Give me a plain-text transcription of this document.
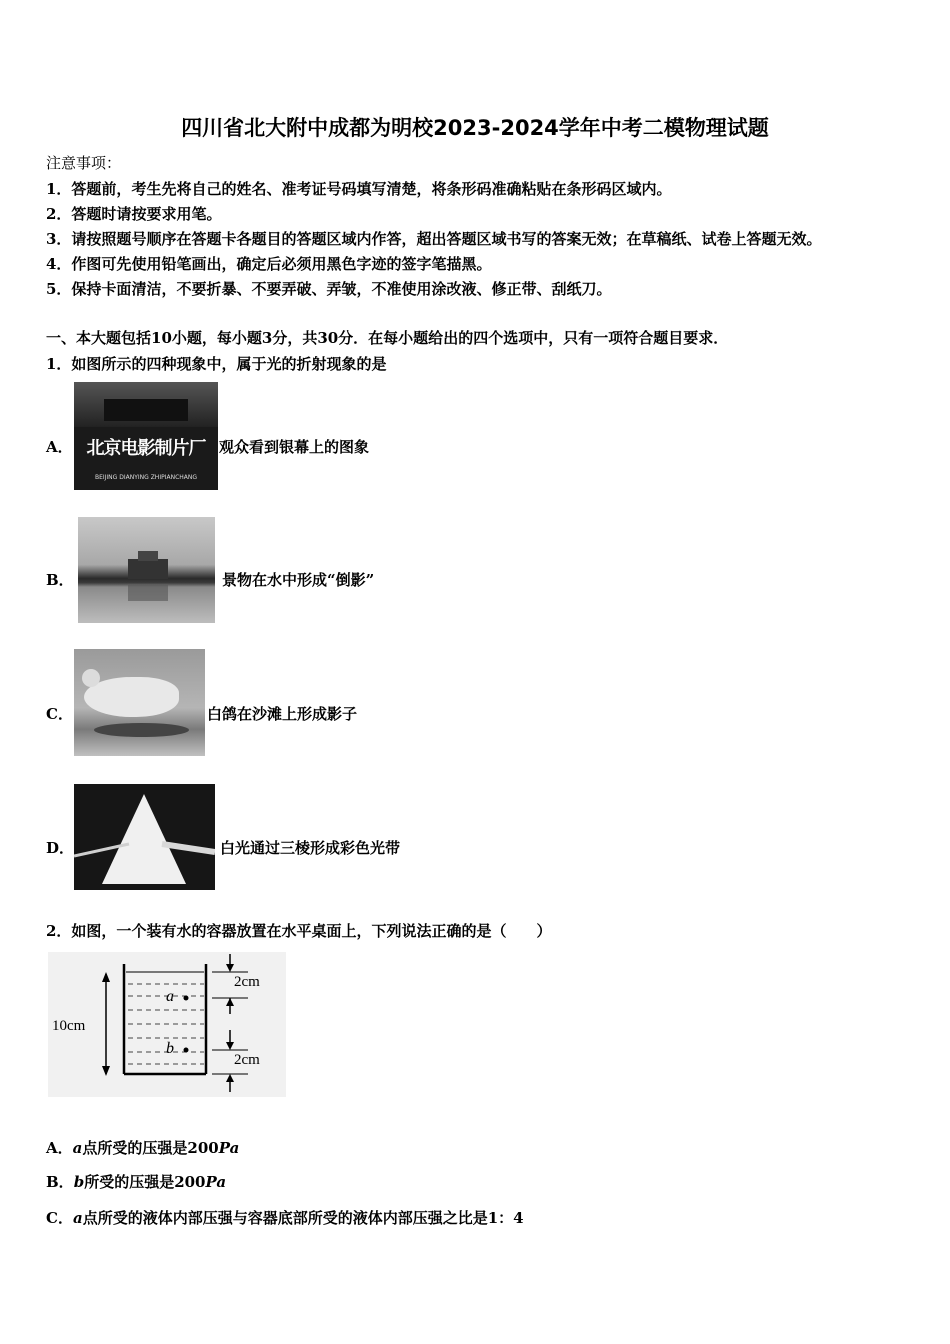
四川省北大附中成都为明校2023-2024学年中考二模物理试题
注意事项：
1．答题前，考生先将自己的姓名、准考证号码填写清楚，将条形码准确粘贴在条形码区域内。
2．答题时请按要求用笔。
3．请按照题号顺序在答题卡各题目的答题区域内作答，超出答题区域书写的答案无效；在草稿纸、试卷上答题无效。
4．作图可先使用铅笔画出，确定后必须用黑色字迹的签字笔描黑。
5．保持卡面清洁，不要折暴、不要弄破、弄皱，不准使用涂改液、修正带、刮纸刀。
一、本大题包括10小题，每小题3分，共30分．在每小题给出的四个选项中，只有一项符合题目要求．
1．如图所示的四种现象中，属于光的折射现象的是
A． 北京电影制片厂
BEIJING DIANYING ZHIPIANCHANG
观众看到银幕上的图象
B．	景物在水中形成“倒影”
C．	白鸽在沙滩上形成影子
D．	白光通过三棱形成彩色光带
2．如图，一个装有水的容器放置在水平桌面上，下列说法正确的是（　　）
10cm
2cm
2cm
a
b
A．a点所受的压强是200Pa
B．b所受的压强是200Pa
C．a点所受的液体内部压强与容器底部所受的液体内部压强之比是1：4
